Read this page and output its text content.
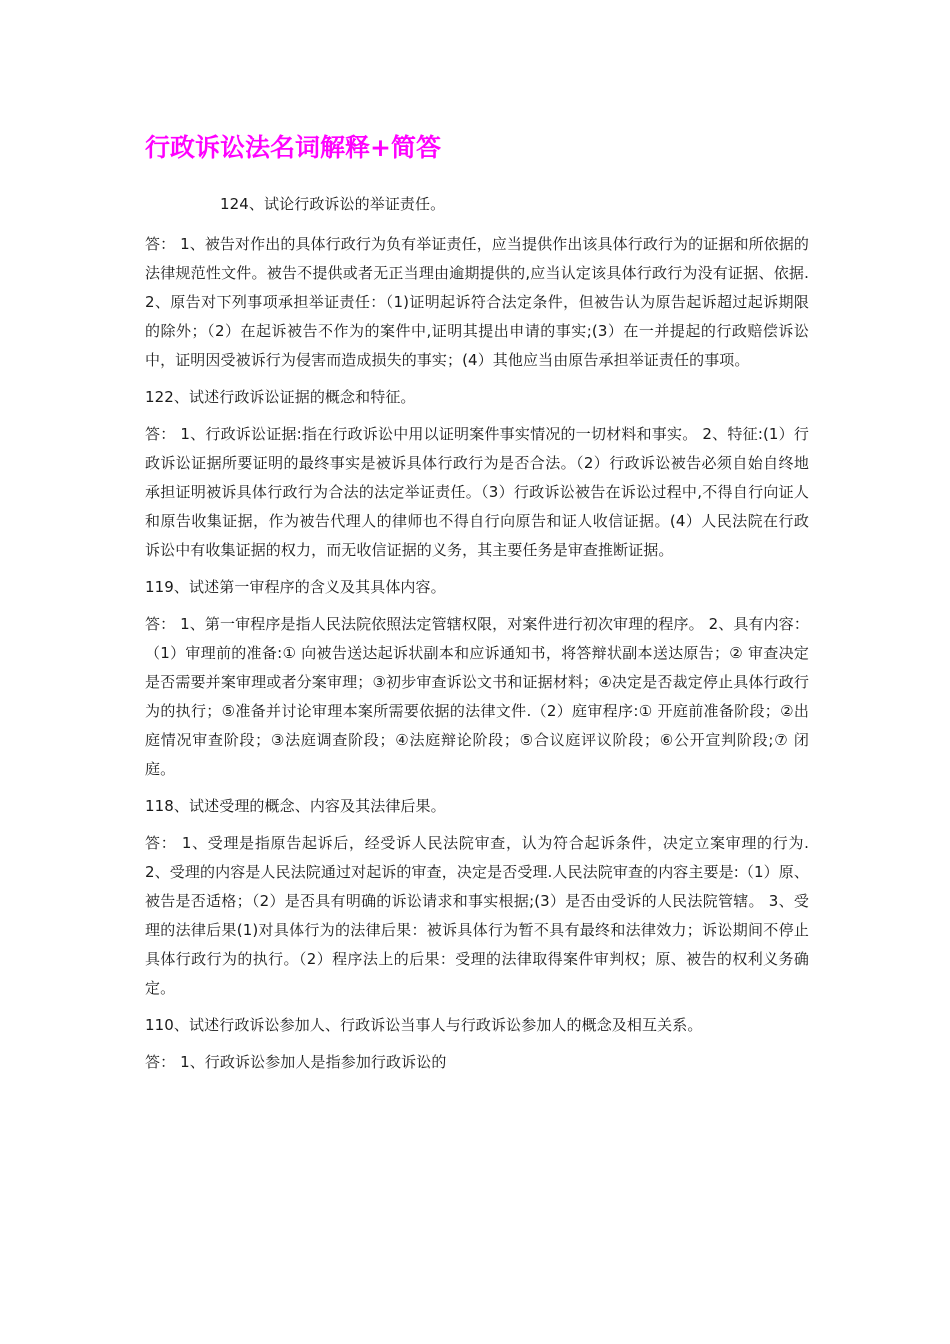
行政诉讼法名词解释+简答

124、试论行政诉讼的举证责任。

答： 1、被告对作出的具体行政行为负有举证责任，应当提供作出该具体行政行为的证据和所依据的法律规范性文件。被告不提供或者无正当理由逾期提供的,应当认定该具体行政行为没有证据、依据. 2、原告对下列事项承担举证责任：（1)证明起诉符合法定条件，但被告认为原告起诉超过起诉期限的除外；（2）在起诉被告不作为的案件中,证明其提出申请的事实;(3）在一并提起的行政赔偿诉讼中，证明因受被诉行为侵害而造成损失的事实；(4）其他应当由原告承担举证责任的事项。

122、试述行政诉讼证据的概念和特征。

答： 1、行政诉讼证据:指在行政诉讼中用以证明案件事实情况的一切材料和事实。 2、特征:(1）行政诉讼证据所要证明的最终事实是被诉具体行政行为是否合法。（2）行政诉讼被告必须自始自终地承担证明被诉具体行政行为合法的法定举证责任。（3）行政诉讼被告在诉讼过程中,不得自行向证人和原告收集证据，作为被告代理人的律师也不得自行向原告和证人收信证据。(4）人民法院在行政诉讼中有收集证据的权力，而无收信证据的义务，其主要任务是审查推断证据。

119、试述第一审程序的含义及其具体内容。

答： 1、第一审程序是指人民法院依照法定管辖权限，对案件进行初次审理的程序。 2、具有内容：（1）审理前的准备:① 向被告送达起诉状副本和应诉通知书，将答辩状副本送达原告；② 审查决定是否需要并案审理或者分案审理；③初步审查诉讼文书和证据材料；④决定是否裁定停止具体行政行为的执行；⑤准备并讨论审理本案所需要依据的法律文件.（2）庭审程序:① 开庭前准备阶段；②出庭情况审查阶段；③法庭调查阶段；④法庭辩论阶段；⑤合议庭评议阶段；⑥公开宣判阶段;⑦ 闭庭。

118、试述受理的概念、内容及其法律后果。

答： 1、受理是指原告起诉后，经受诉人民法院审查，认为符合起诉条件，决定立案审理的行为. 2、受理的内容是人民法院通过对起诉的审查，决定是否受理.人民法院审查的内容主要是:（1）原、被告是否适格；（2）是否具有明确的诉讼请求和事实根据;(3）是否由受诉的人民法院管辖。 3、受理的法律后果(1)对具体行为的法律后果：被诉具体行为暂不具有最终和法律效力；诉讼期间不停止具体行政行为的执行。（2）程序法上的后果：受理的法律取得案件审判权；原、被告的权利义务确定。

110、试述行政诉讼参加人、行政诉讼当事人与行政诉讼参加人的概念及相互关系。

答： 1、行政诉讼参加人是指参加行政诉讼的
